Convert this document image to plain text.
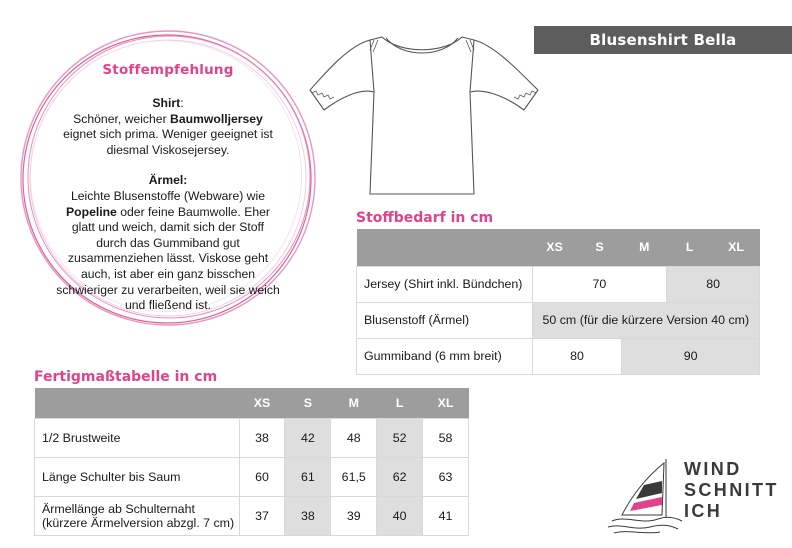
Stoffempfehlung

Shirt:
Schöner, weicher Baumwolljersey eignet sich prima. Weniger geeignet ist diesmal Viskosejersey.

Ärmel:
Leichte Blusenstoffe (Webware) wie Popeline oder feine Baumwolle. Eher glatt und weich, damit sich der Stoff durch das Gummiband gut zusammenziehen lässt. Viskose geht auch, ist aber ein ganz bisschen schwieriger zu verarbeiten, weil sie weich und fließend ist.

Blusenshirt Bella
Stoffbedarf in cm
	XS	S	M	L	XL
Jersey (Shirt inkl. Bündchen)	70			80	
Blusenstoff (Ärmel)	50 cm (für die kürzere Version 40 cm)				
Gummiband (6 mm breit)	80		90		
Fertigmaßtabelle in cm
	XS	S	M	L	XL
1/2 Brustweite	38	42	48	52	58
Länge Schulter bis Saum	60	61	61,5	62	63
Ärmellänge ab Schulternaht
(kürzere Ärmelversion abzgl. 7 cm)	37	38	39	40	41
WIND
SCHNITT
ICH
